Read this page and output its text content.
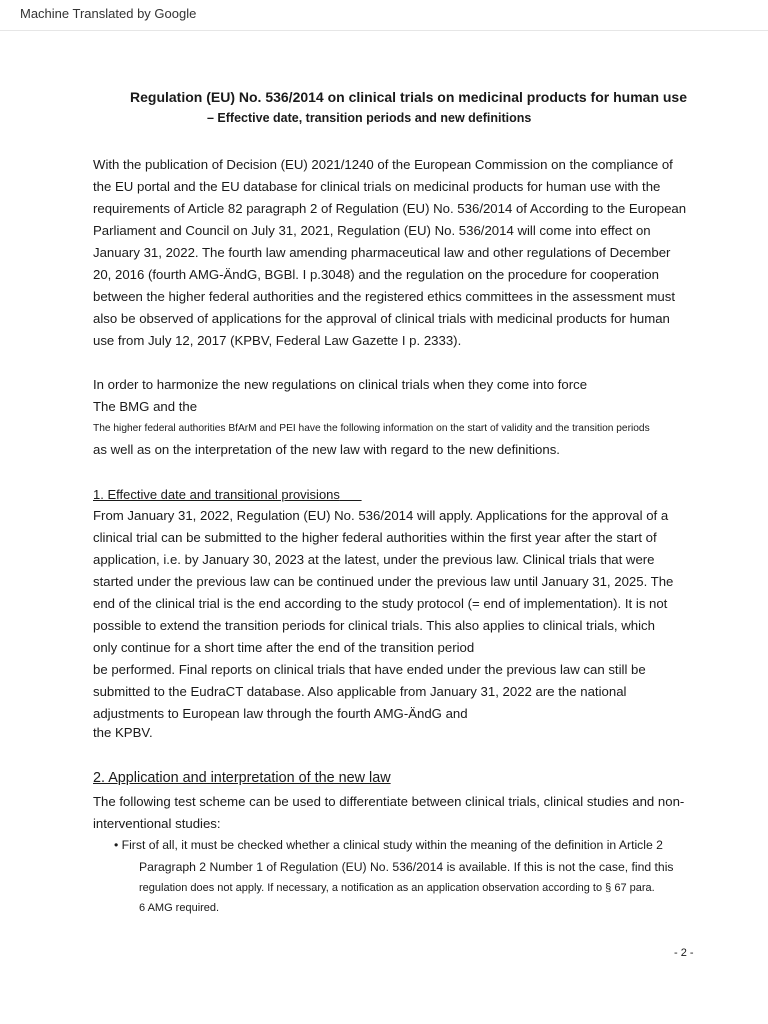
Machine Translated by Google
Regulation (EU) No. 536/2014 on clinical trials on medicinal products for human use
– Effective date, transition periods and new definitions
With the publication of Decision (EU) 2021/1240 of the European Commission on the compliance of
the EU portal and the EU database for clinical trials on medicinal products for human use with the
requirements of Article 82 paragraph 2 of Regulation (EU) No. 536/2014 of According to the European
Parliament and Council on July 31, 2021, Regulation (EU) No. 536/2014 will come into effect on
January 31, 2022. The fourth law amending pharmaceutical law and other regulations of December
20, 2016 (fourth AMG-ÄndG, BGBl. I p.3048) and the regulation on the procedure for cooperation
between the higher federal authorities and the registered ethics committees in the assessment must
also be observed of applications for the approval of clinical trials with medicinal products for human
use from July 12, 2017 (KPBV, Federal Law Gazette I p. 2333).
In order to harmonize the new regulations on clinical trials when they come into force
The BMG and the
The higher federal authorities BfArM and PEI have the following information on the start of validity and the transition periods
as well as on the interpretation of the new law with regard to the new definitions.
1. Effective date and transitional provisions
From January 31, 2022, Regulation (EU) No. 536/2014 will apply. Applications for the approval of a
clinical trial can be submitted to the higher federal authorities within the first year after the start of
application, i.e. by January 30, 2023 at the latest, under the previous law. Clinical trials that were
started under the previous law can be continued under the previous law until January 31, 2025. The
end of the clinical trial is the end according to the study protocol (= end of implementation). It is not
possible to extend the transition periods for clinical trials. This also applies to clinical trials, which
only continue for a short time after the end of the transition period
be performed. Final reports on clinical trials that have ended under the previous law can still be
submitted to the EudraCT database. Also applicable from January 31, 2022 are the national
adjustments to European law through the fourth AMG-ÄndG and
the KPBV.
2. Application and interpretation of the new law
The following test scheme can be used to differentiate between clinical trials, clinical studies and non-
interventional studies:
• First of all, it must be checked whether a clinical study within the meaning of the definition in Article 2
Paragraph 2 Number 1 of Regulation (EU) No. 536/2014 is available. If this is not the case, find this
regulation does not apply. If necessary, a notification as an application observation according to § 67 para.
6 AMG required.
- 2 -
